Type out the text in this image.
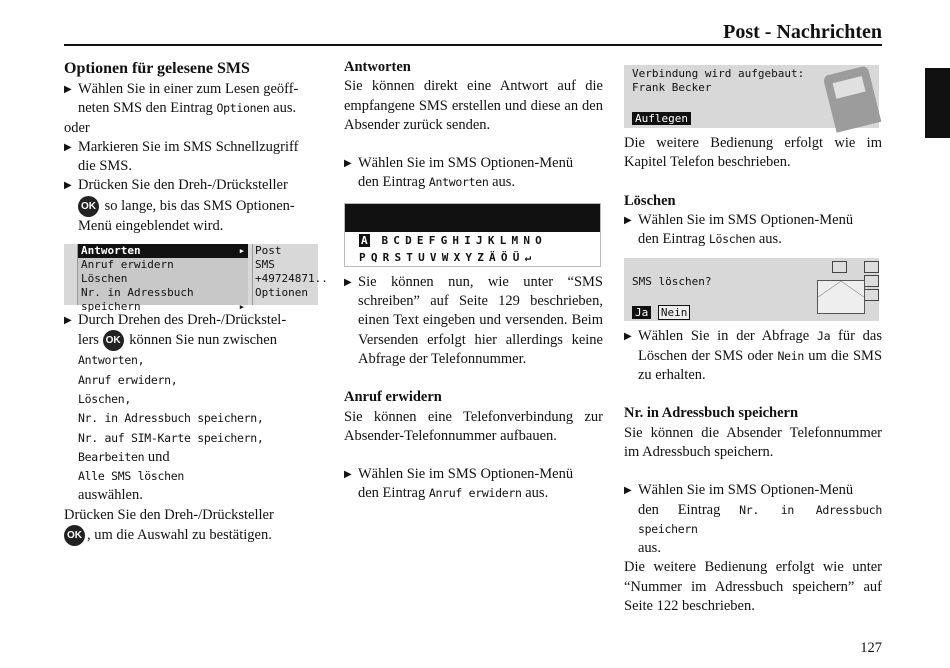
Post - Nachrichten

Optionen für gelesene SMS

▶ Wählen Sie in einer zum Lesen geöff-
neten SMS den Eintrag Optionen aus.

oder

▶ Markieren Sie im SMS Schnellzugriff
die SMS.

▶ Drücken Sie den Dreh-/Drücksteller
OK so lange, bis das SMS Optionen-
Menü eingeblendet wird.

Antworten	▶
Anruf erwidern
Löschen
Nr. in Adressbuch speichern	▶
Post
SMS
+49724871..
Optionen

▶ Durch Drehen des Dreh-/Drückstel-
lers OK können Sie nun zwischen

Antworten,

Anruf erwidern,

Löschen,

Nr. in Adressbuch speichern,

Nr. auf SIM-Karte speichern,

Bearbeiten und

Alle SMS löschen

auswählen.

Drücken Sie den Dreh-/Drücksteller
OK , um die Auswahl zu bestätigen.

Antworten

Sie können direkt eine Antwort auf die empfangene SMS erstellen und diese an den Absender zurück senden.

▶ Wählen Sie im SMS Optionen-Menü
den Eintrag Antworten aus.

A BCDEFGHIJKLMNO
PQRSTUVWXYZÄÖÜ↵

▶ Sie können nun, wie unter “SMS schreiben” auf Seite 129 beschrieben, einen Text eingeben und versenden. Beim Versenden erfolgt hier allerdings keine Abfrage der Telefonnummer.

Anruf erwidern

Sie können eine Telefonverbindung zur Absender-Telefonnummer aufbauen.

▶ Wählen Sie im SMS Optionen-Menü
den Eintrag Anruf erwidern aus.

Verbindung wird aufgebaut:
Frank Becker
Auflegen

Die weitere Bedienung erfolgt wie im Kapitel Telefon beschrieben.

Löschen

▶ Wählen Sie im SMS Optionen-Menü
den Eintrag Löschen aus.

SMS löschen?
Ja Nein

▶ Wählen Sie in der Abfrage Ja für das Löschen der SMS oder Nein um die SMS zu erhalten.

Nr. in Adressbuch speichern

Sie können die Absender Telefonnummer im Adressbuch speichern.

▶ Wählen Sie im SMS Optionen-Menü
den Eintrag Nr. in Adressbuch speichern
aus.

Die weitere Bedienung erfolgt wie unter “Nummer im Adressbuch speichern” auf Seite 122 beschrieben.

127
